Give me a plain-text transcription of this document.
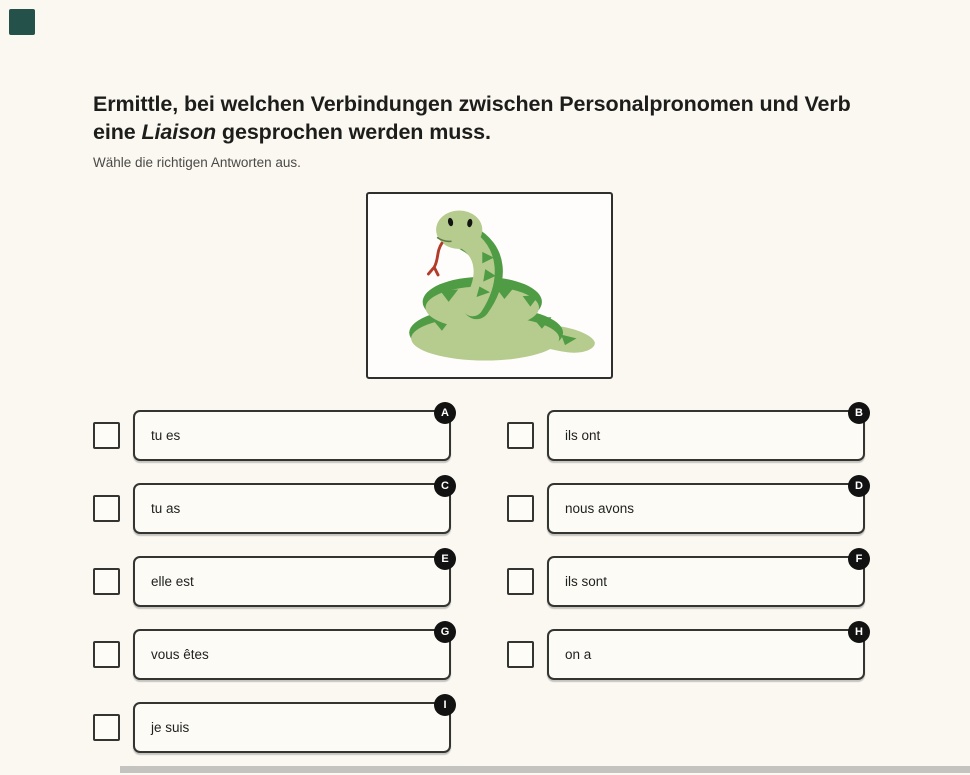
Ermittle, bei welchen Verbindungen zwischen Personalpronomen und Verb eine Liaison gesprochen werden muss.

Wähle die richtigen Antworten aus.

tu es
A
tu as
C
elle est
E
vous êtes
G
je suis
I
ils ont
B
nous avons
D
ils sont
F
on a
H
